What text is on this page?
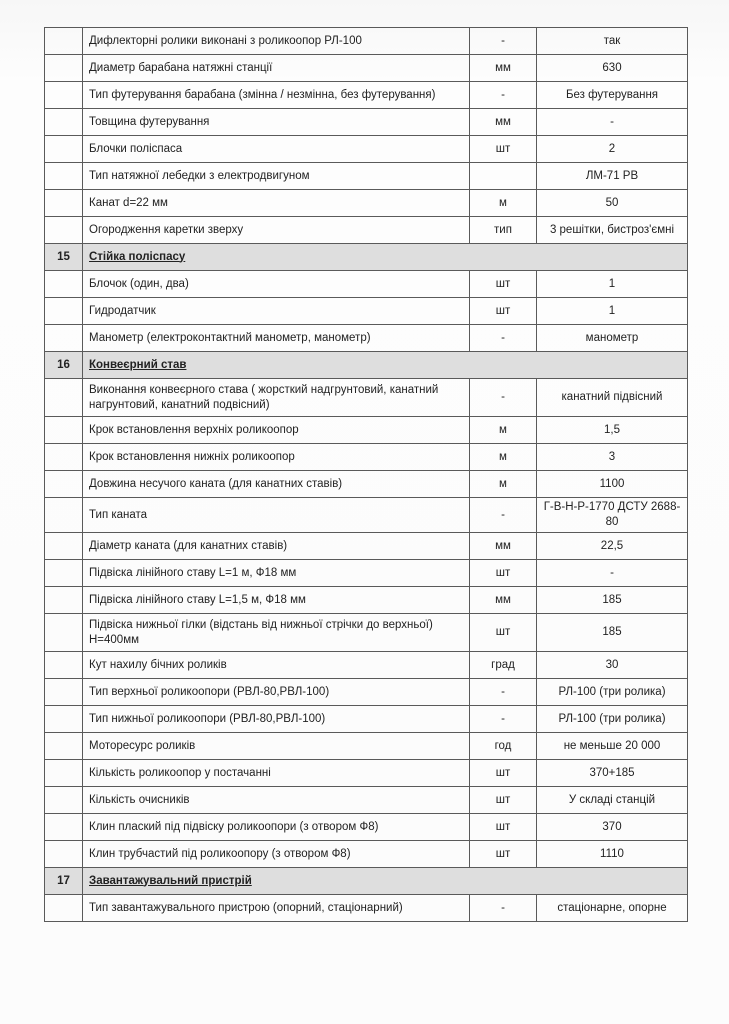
	Дифлекторні ролики виконані з роликоопор РЛ-100	-	так
	Диаметр барабана натяжні станції	мм	630
	Тип футерування барабана (змінна / незмінна, без футерування)	-	Без футерування
	Товщина футерування	мм	-
	Блочки поліспаса	шт	2
	Тип натяжної лебедки з електродвигуном		ЛМ-71 РВ
	Канат d=22 мм	м	50
	Огородження каретки зверху	тип	3 решітки, бистроз'ємні
15	Стійка поліспасу		
	Блочок (один, два)	шт	1
	Гидродатчик	шт	1
	Манометр (електроконтактний манометр, манометр)	-	манометр
16	Конвеєрний став		
	Виконання конвеєрного става ( жорсткий надгрунтовий, канатний нагрунтовий, канатний подвісний)	-	канатний підвісний
	Крок встановлення верхніх роликоопор	м	1,5
	Крок встановлення нижніх роликоопор	м	3
	Довжина несучого каната (для канатних ставів)	м	1100
	Тип каната	-	Г-В-Н-Р-1770 ДСТУ 2688-80
	Діаметр каната (для канатних ставів)	мм	22,5
	Підвіска лінійного ставу L=1 м, Ф18 мм	шт	-
	Підвіска лінійного ставу L=1,5 м, Ф18 мм	мм	185
	Підвіска нижньої гілки (відстань від нижньої стрічки до верхньої) Н=400мм	шт	185
	Кут нахилу бічних роликів	град	30
	Тип верхньої роликоопори (РВЛ-80,РВЛ-100)	-	РЛ-100 (три ролика)
	Тип нижньої роликоопори (РВЛ-80,РВЛ-100)	-	РЛ-100 (три ролика)
	Моторесурс роликів	год	не меньше 20 000
	Кількість роликоопор у постачанні	шт	370+185
	Кількість очисників	шт	У складі станцій
	Клин плаский під підвіску роликоопори (з отвором Ф8)	шт	370
	Клин трубчастий під роликоопору (з отвором Ф8)	шт	1110
17	Завантажувальний пристрій		
	Тип завантажувального пристрою (опорний, стаціонарний)	-	стаціонарне, опорне
